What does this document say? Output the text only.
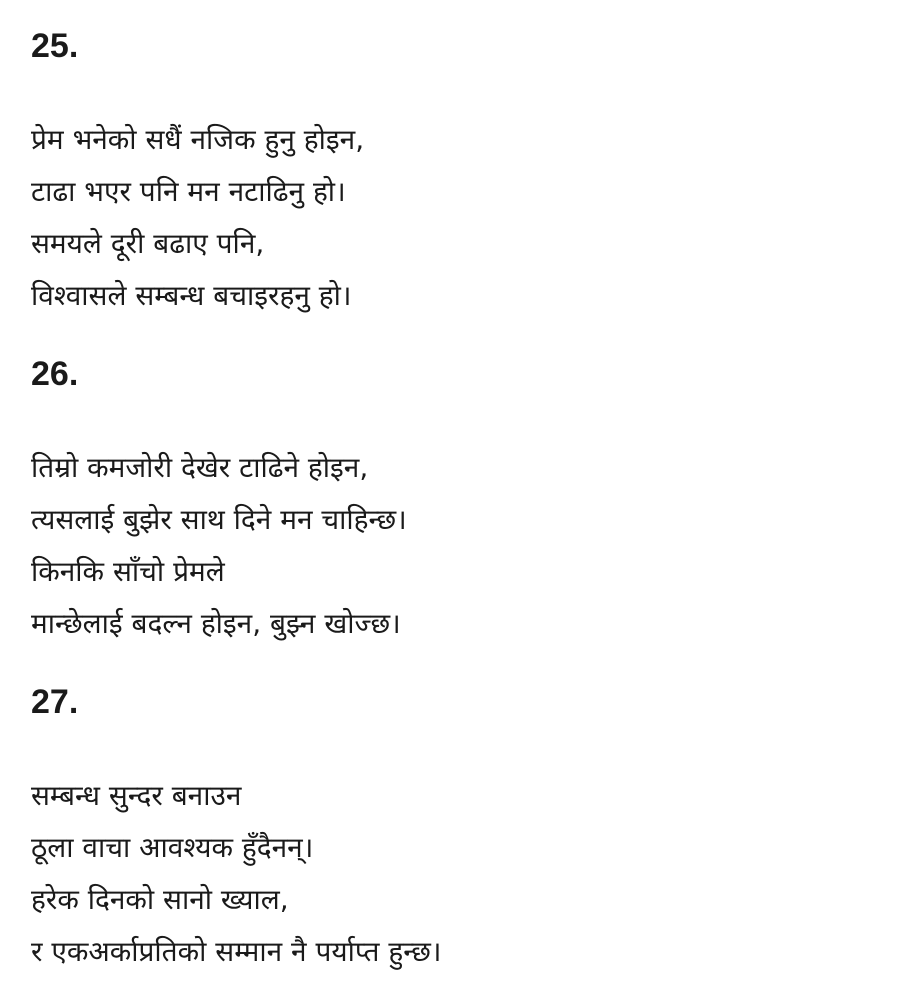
25.

प्रेम भनेको सधैं नजिक हुनु होइन,

टाढा भएर पनि मन नटाढिनु हो।

समयले दूरी बढाए पनि,

विश्वासले सम्बन्ध बचाइरहनु हो।

26.

तिम्रो कमजोरी देखेर टाढिने होइन,

त्यसलाई बुझेर साथ दिने मन चाहिन्छ।

किनकि साँचो प्रेमले

मान्छेलाई बदल्न होइन, बुझ्न खोज्छ।

27.

सम्बन्ध सुन्दर बनाउन

ठूला वाचा आवश्यक हुँदैनन्।

हरेक दिनको सानो ख्याल,

र एकअर्काप्रतिको सम्मान नै पर्याप्त हुन्छ।
